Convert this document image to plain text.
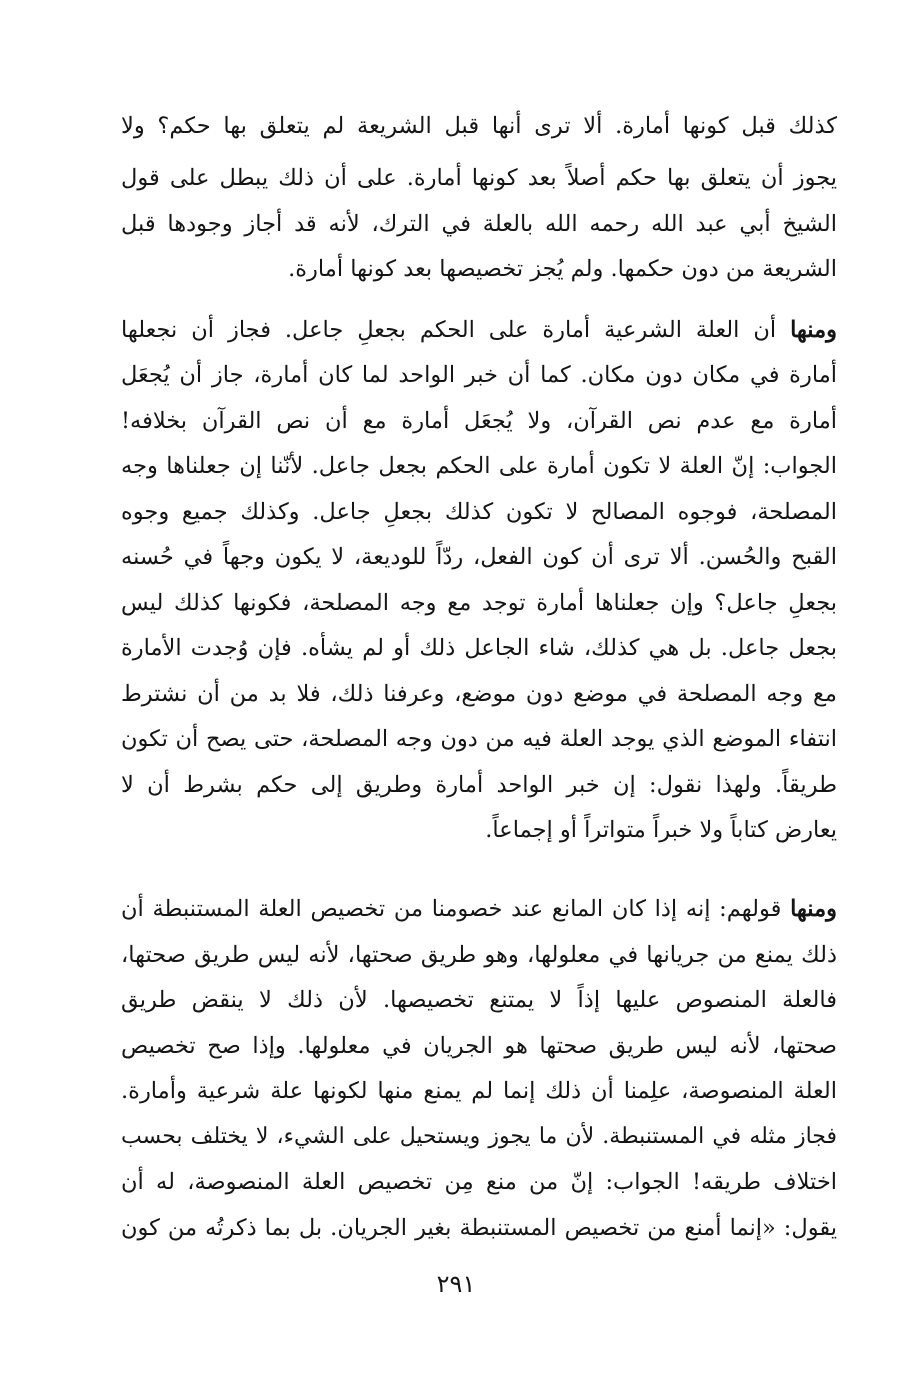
كذلك قبل كونها أمارة. ألا ترى أنها قبل الشريعة لم يتعلق بها حكم؟ ولا
يجوز أن يتعلق بها حكم أصلاً بعد كونها أمارة. على أن ذلك يبطل على قول
الشيخ أبي عبد الله رحمه الله بالعلة في الترك، لأنه قد أجاز وجودها قبل
الشريعة من دون حكمها. ولم يُجز تخصيصها بعد كونها أمارة.
ومنها أن العلة الشرعية أمارة على الحكم بجعلِ جاعل. فجاز أن نجعلها
أمارة في مكان دون مكان. كما أن خبر الواحد لما كان أمارة، جاز أن يُجعَل
أمارة مع عدم نص القرآن، ولا يُجعَل أمارة مع أن نص القرآن بخلافه!
الجواب: إنّ العلة لا تكون أمارة على الحكم بجعل جاعل. لأنّنا إن جعلناها وجه
المصلحة، فوجوه المصالح لا تكون كذلك بجعلِ جاعل. وكذلك جميع وجوه
القبح والحُسن. ألا ترى أن كون الفعل، ردّاً للوديعة، لا يكون وجهاً في حُسنه
بجعلِ جاعل؟ وإن جعلناها أمارة توجد مع وجه المصلحة، فكونها كذلك ليس
بجعل جاعل. بل هي كذلك، شاء الجاعل ذلك أو لم يشأه. فإن وُجدت الأمارة
مع وجه المصلحة في موضع دون موضع، وعرفنا ذلك، فلا بد من أن نشترط
انتفاء الموضع الذي يوجد العلة فيه من دون وجه المصلحة، حتى يصح أن تكون
طريقاً. ولهذا نقول: إن خبر الواحد أمارة وطريق إلى حكم بشرط أن لا
يعارض كتاباً ولا خبراً متواتراً أو إجماعاً.
ومنها قولهم: إنه إذا كان المانع عند خصومنا من تخصيص العلة المستنبطة أن
ذلك يمنع من جريانها في معلولها، وهو طريق صحتها، لأنه ليس طريق صحتها،
فالعلة المنصوص عليها إذاً لا يمتنع تخصيصها. لأن ذلك لا ينقض طريق
صحتها، لأنه ليس طريق صحتها هو الجريان في معلولها. وإذا صح تخصيص
العلة المنصوصة، علِمنا أن ذلك إنما لم يمنع منها لكونها علة شرعية وأمارة.
فجاز مثله في المستنبطة. لأن ما يجوز ويستحيل على الشيء، لا يختلف بحسب
اختلاف طريقه! الجواب: إنّ من منع مِن تخصيص العلة المنصوصة، له أن
يقول: «إنما أمنع من تخصيص المستنبطة بغير الجريان. بل بما ذكرتُه من كون
٢٩١
